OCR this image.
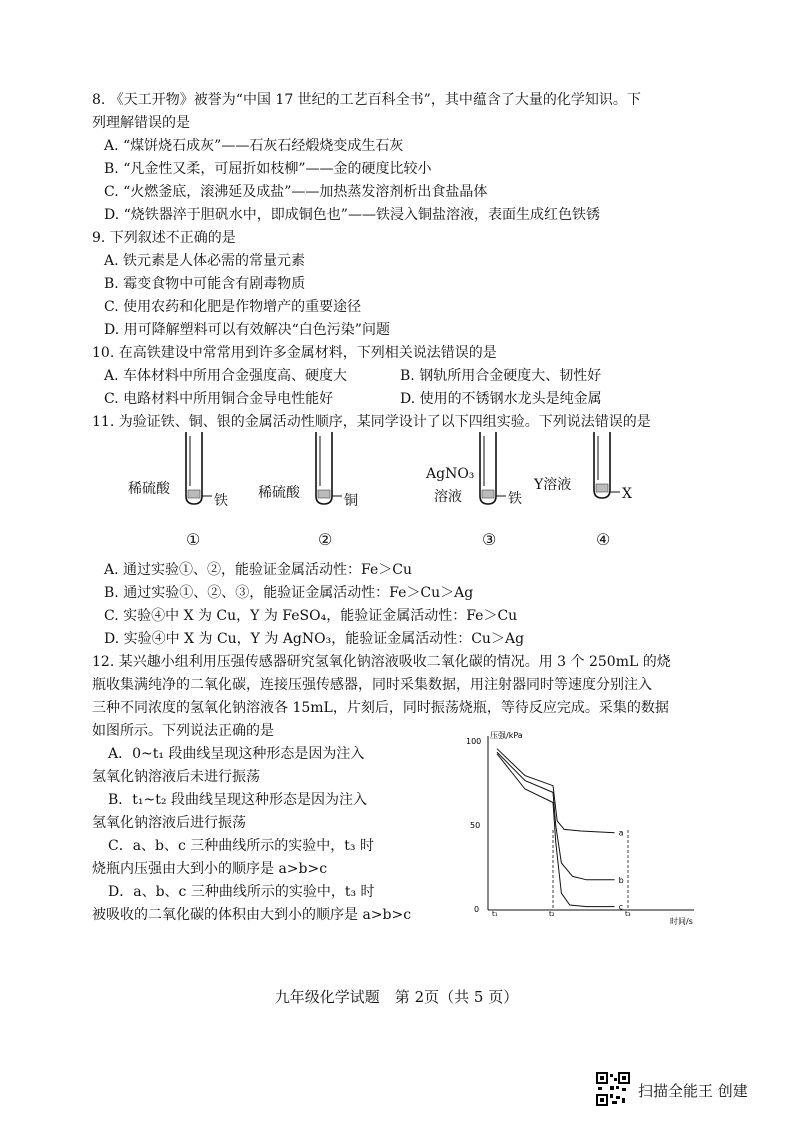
8. 《天工开物》被誉为“中国 17 世纪的工艺百科全书”，其中蕴含了大量的化学知识。下
列理解错误的是
A. “煤饼烧石成灰”——石灰石经煅烧变成生石灰
B. “凡金性又柔，可屈折如枝柳”——金的硬度比较小
C. “火燃釜底，滚沸延及成盐”——加热蒸发溶剂析出食盐晶体
D. “烧铁器淬于胆矾水中，即成铜色也”——铁浸入铜盐溶液，表面生成红色铁锈
9. 下列叙述不正确的是
A. 铁元素是人体必需的常量元素
B. 霉变食物中可能含有剧毒物质
C. 使用农药和化肥是作物增产的重要途径
D. 用可降解塑料可以有效解决“白色污染”问题
10. 在高铁建设中常常用到许多金属材料，下列相关说法错误的是
A. 车体材料中所用合金强度高、硬度大	B. 钢轨所用合金硬度大、韧性好
C. 电路材料中所用铜合金导电性能好	D. 使用的不锈钢水龙头是纯金属
11. 为验证铁、铜、银的金属活动性顺序，某同学设计了以下四组实验。下列说法错误的是
稀硫酸
铁 稀硫酸	铜
AgNO₃
溶液	铁
Y溶液
X
①	②	③	④
A. 通过实验①、②，能验证金属活动性：Fe＞Cu
B. 通过实验①、②、③，能验证金属活动性：Fe＞Cu＞Ag
C. 实验④中 X 为 Cu，Y 为 FeSO₄，能验证金属活动性：Fe＞Cu
D. 实验④中 X 为 Cu，Y 为 AgNO₃，能验证金属活动性：Cu＞Ag
12. 某兴趣小组利用压强传感器研究氢氧化钠溶液吸收二氧化碳的情况。用 3 个 250mL 的烧
瓶收集满纯净的二氧化碳，连接压强传感器，同时采集数据，用注射器同时等速度分别注入
三种不同浓度的氢氧化钠溶液各 15mL，片刻后，同时振荡烧瓶，等待反应完成。采集的数据
如图所示。下列说法正确的是
A．0~t₁ 段曲线呈现这种形态是因为注入
氢氧化钠溶液后未进行振荡
B．t₁~t₂ 段曲线呈现这种形态是因为注入
氢氧化钠溶液后进行振荡
C．a、b、c 三种曲线所示的实验中，t₃ 时
烧瓶内压强由大到小的顺序是 a>b>c
D．a、b、c 三种曲线所示的实验中，t₃ 时
被吸收的二氧化碳的体积由大到小的顺序是 a>b>c
压强/kPa
时间/s
100
50
0 t₁	t₂	t₃
a
b
c
九年级化学试题　第 2页（共 5 页）
扫描全能王 创建
